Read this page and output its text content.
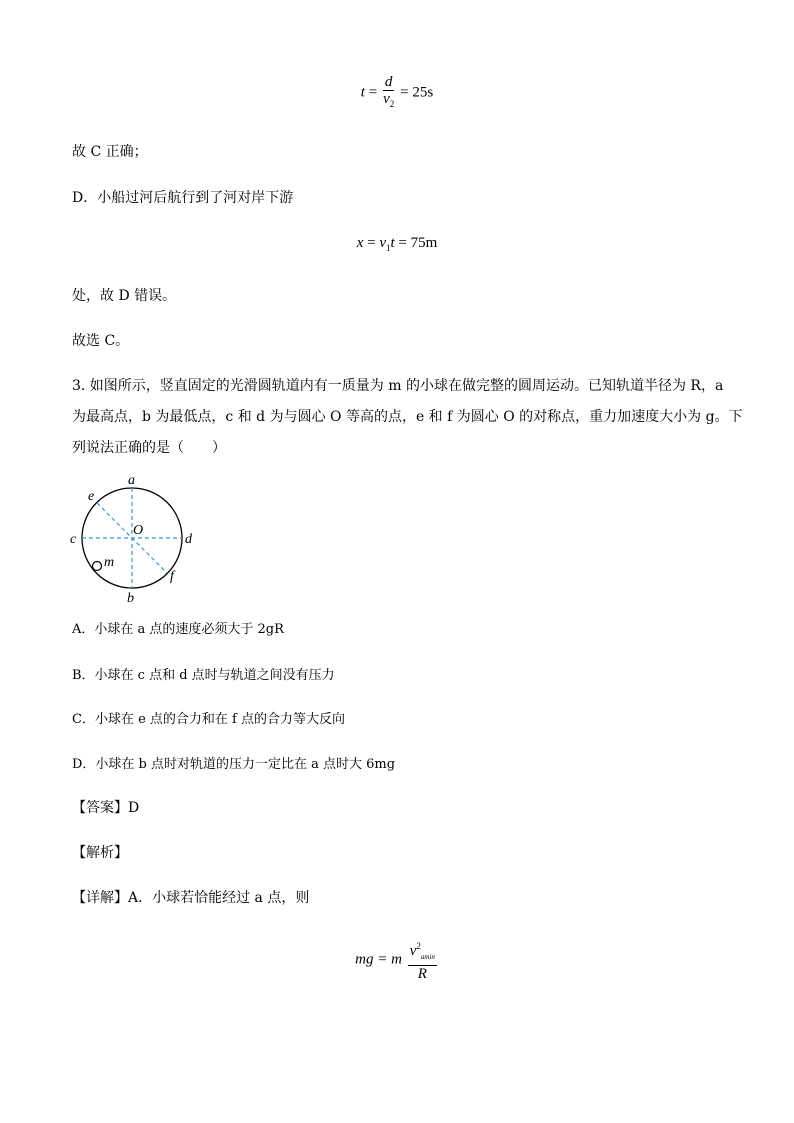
$t = \frac{d}{v_2} = 25s$
故 C 正确；
D．小船过河后航行到了河对岸下游
$x = v_1t = 75m$
处，故 D 错误。
故选 C。
3. 如图所示，竖直固定的光滑圆轨道内有一质量为 m 的小球在做完整的圆周运动。已知轨道半径为 R，a
为最高点，b 为最低点，c 和 d 为与圆心 O 等高的点，e 和 f 为圆心 O 的对称点，重力加速度大小为 g。下
列说法正确的是（　　）
a
b
c	d
e
f
O
m
A．小球在 a 点的速度必须大于 2gR
B．小球在 c 点和 d 点时与轨道之间没有压力
C．小球在 e 点的合力和在 f 点的合力等大反向
D．小球在 b 点时对轨道的压力一定比在 a 点时大 6mg
【答案】D
【解析】
【详解】A．小球若恰能经过 a 点，则
mg = m $\frac{v^2_{amin}}{R}$
